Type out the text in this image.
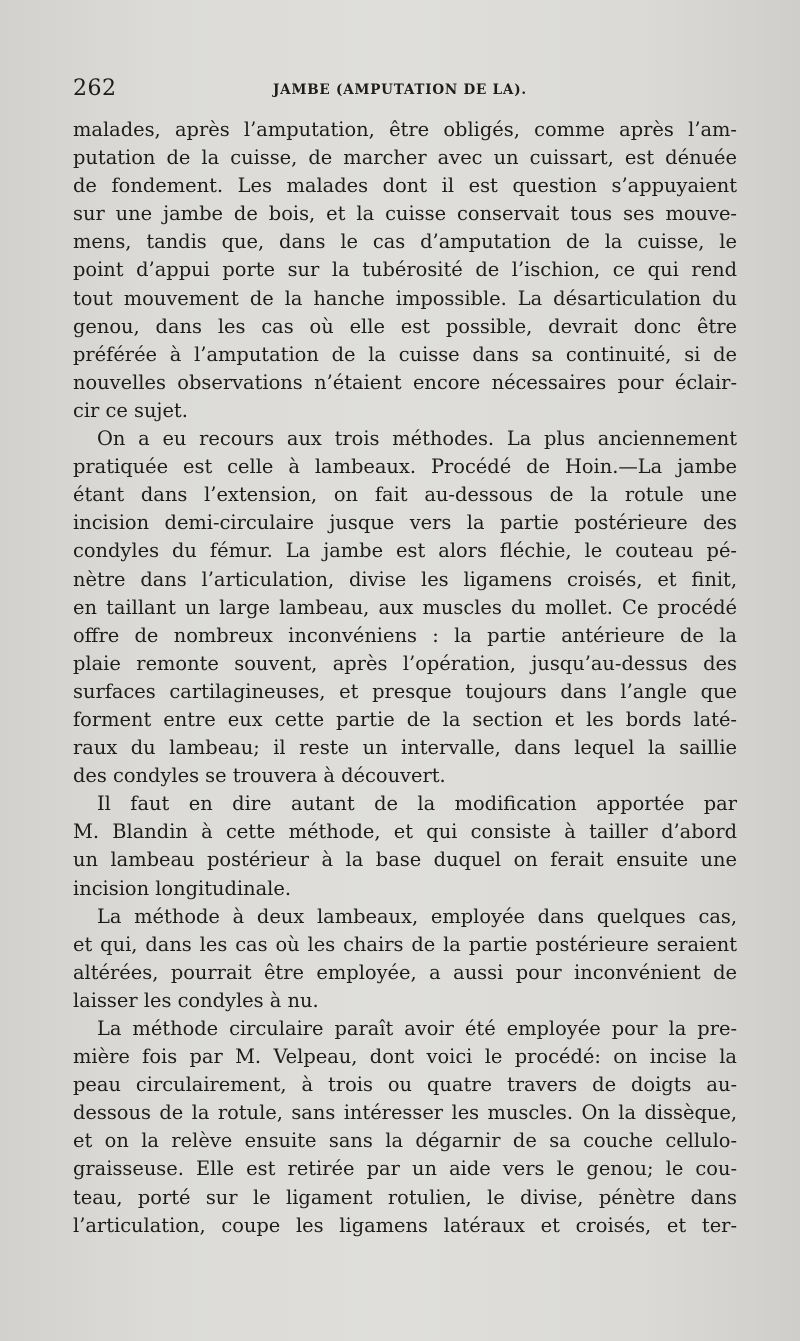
262	JAMBE (AMPUTATION DE LA).
malades, après l’amputation, être obligés, comme après l’am-
putation de la cuisse, de marcher avec un cuissart, est dénuée
de fondement. Les malades dont il est question s’appuyaient
sur une jambe de bois, et la cuisse conservait tous ses mouve-
mens, tandis que, dans le cas d’amputation de la cuisse, le
point d’appui porte sur la tubérosité de l’ischion, ce qui rend
tout mouvement de la hanche impossible. La désarticulation du
genou, dans les cas où elle est possible, devrait donc être
préférée à l’amputation de la cuisse dans sa continuité, si de
nouvelles observations n’étaient encore nécessaires pour éclair-
cir ce sujet.
On a eu recours aux trois méthodes. La plus anciennement
pratiquée est celle à lambeaux. Procédé de Hoin.—La jambe
étant dans l’extension, on fait au-dessous de la rotule une
incision demi-circulaire jusque vers la partie postérieure des
condyles du fémur. La jambe est alors fléchie, le couteau pé-
nètre dans l’articulation, divise les ligamens croisés, et finit,
en taillant un large lambeau, aux muscles du mollet. Ce procédé
offre de nombreux inconvéniens : la partie antérieure de la
plaie remonte souvent, après l’opération, jusqu’au-dessus des
surfaces cartilagineuses, et presque toujours dans l’angle que
forment entre eux cette partie de la section et les bords laté-
raux du lambeau; il reste un intervalle, dans lequel la saillie
des condyles se trouvera à découvert.
Il faut en dire autant de la modification apportée par
M. Blandin à cette méthode, et qui consiste à tailler d’abord
un lambeau postérieur à la base duquel on ferait ensuite une
incision longitudinale.
La méthode à deux lambeaux, employée dans quelques cas,
et qui, dans les cas où les chairs de la partie postérieure seraient
altérées, pourrait être employée, a aussi pour inconvénient de
laisser les condyles à nu.
La méthode circulaire paraît avoir été employée pour la pre-
mière fois par M. Velpeau, dont voici le procédé: on incise la
peau circulairement, à trois ou quatre travers de doigts au-
dessous de la rotule, sans intéresser les muscles. On la dissèque,
et on la relève ensuite sans la dégarnir de sa couche cellulo-
graisseuse. Elle est retirée par un aide vers le genou; le cou-
teau, porté sur le ligament rotulien, le divise, pénètre dans
l’articulation, coupe les ligamens latéraux et croisés, et ter-
